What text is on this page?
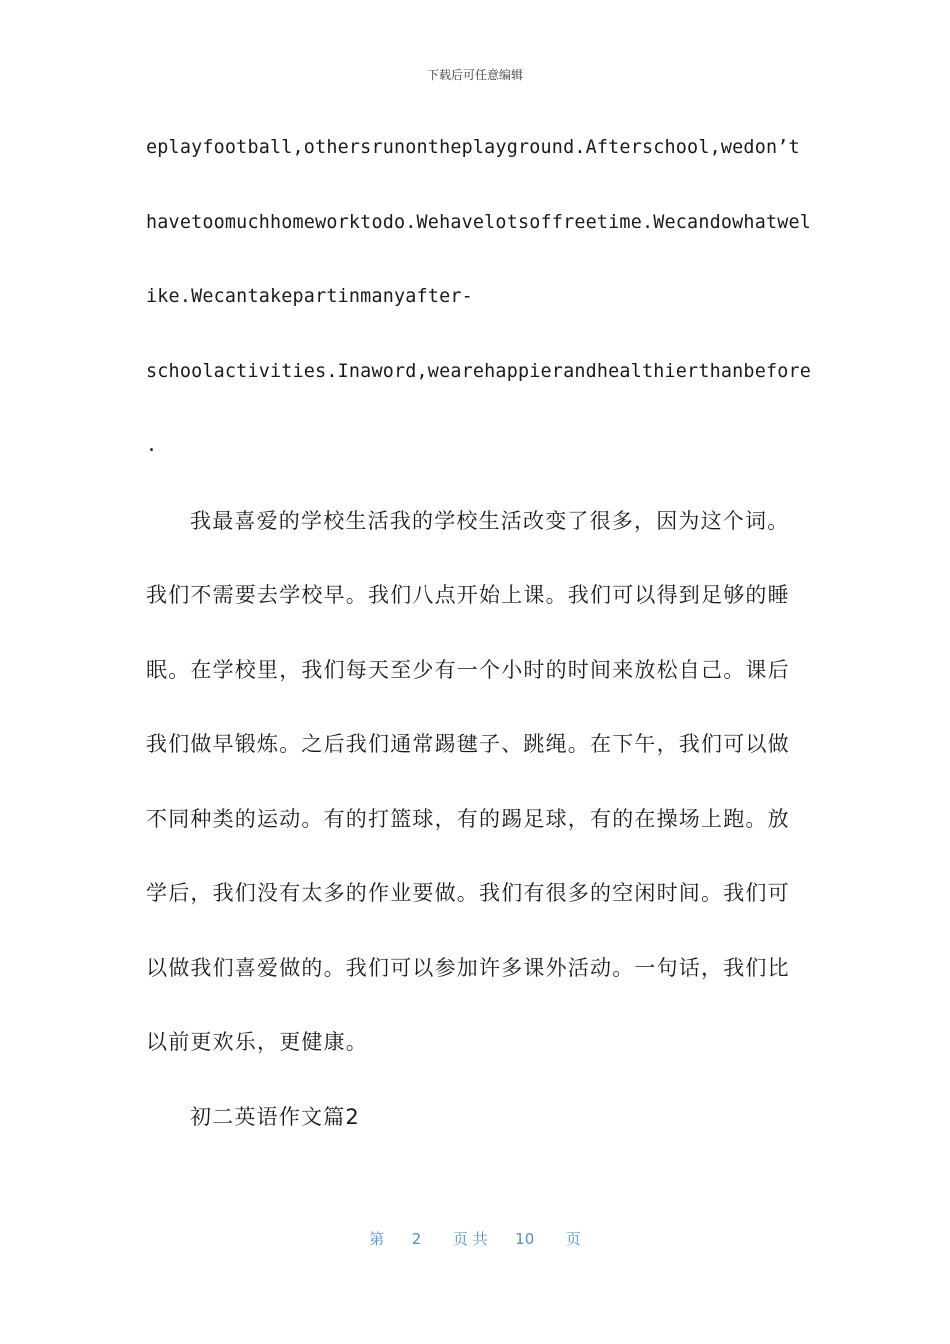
下载后可任意编辑
eplayfootball,othersrunontheplayground.Afterschool,wedon’t
havetoomuchhomeworktodo.Wehavelotsoffreetime.Wecandowhatwel
ike.Wecantakepartinmanyafter-
schoolactivities.Inaword,wearehappierandhealthierthanbefore
.
我最喜爱的学校生活我的学校生活改变了很多，因为这个词。
我们不需要去学校早。我们八点开始上课。我们可以得到足够的睡
眠。在学校里，我们每天至少有一个小时的时间来放松自己。课后
我们做早锻炼。之后我们通常踢毽子、跳绳。在下午，我们可以做
不同种类的运动。有的打篮球，有的踢足球，有的在操场上跑。放
学后，我们没有太多的作业要做。我们有很多的空闲时间。我们可
以做我们喜爱做的。我们可以参加许多课外活动。一句话，我们比
以前更欢乐，更健康。
初二英语作文篇2
第 2 页 共 10 页
